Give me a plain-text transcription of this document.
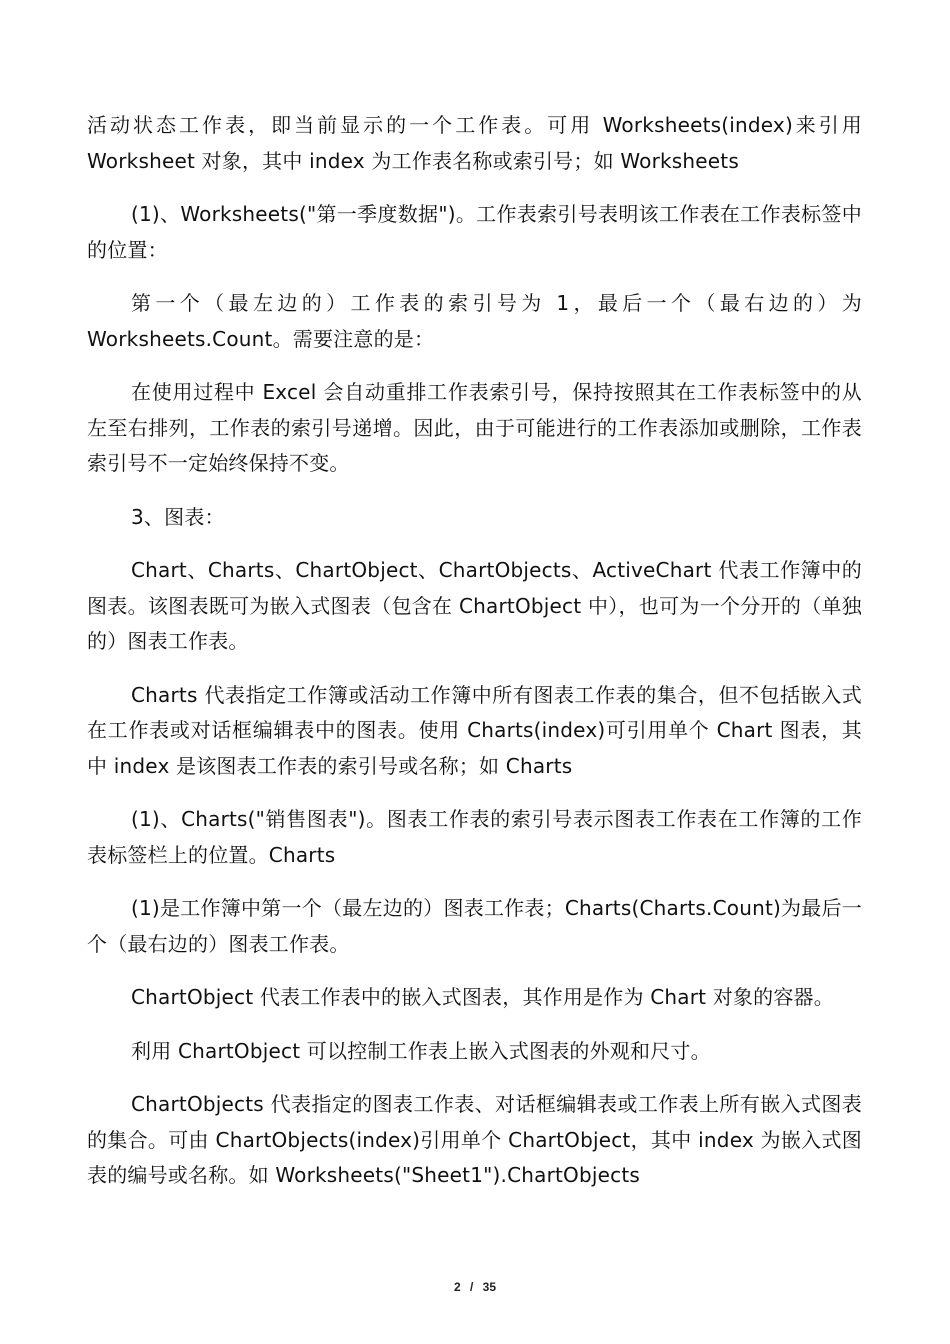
活动状态工作表，即当前显示的一个工作表。可用 Worksheets(index)来引用 Worksheet 对象，其中 index 为工作表名称或索引号；如 Worksheets

(1)、Worksheets("第一季度数据")。工作表索引号表明该工作表在工作表标签中的位置：

第一个（最左边的）工作表的索引号为 1，最后一个（最右边的）为 Worksheets.Count。需要注意的是：

在使用过程中 Excel 会自动重排工作表索引号，保持按照其在工作表标签中的从左至右排列，工作表的索引号递增。因此，由于可能进行的工作表添加或删除，工作表索引号不一定始终保持不变。

3、图表：

Chart、Charts、ChartObject、ChartObjects、ActiveChart 代表工作簿中的图表。该图表既可为嵌入式图表（包含在 ChartObject 中），也可为一个分开的（单独的）图表工作表。

Charts 代表指定工作簿或活动工作簿中所有图表工作表的集合，但不包括嵌入式在工作表或对话框编辑表中的图表。使用 Charts(index)可引用单个 Chart 图表，其中 index 是该图表工作表的索引号或名称；如 Charts

(1)、Charts("销售图表")。图表工作表的索引号表示图表工作表在工作簿的工作表标签栏上的位置。Charts

(1)是工作簿中第一个（最左边的）图表工作表；Charts(Charts.Count)为最后一个（最右边的）图表工作表。

ChartObject 代表工作表中的嵌入式图表，其作用是作为 Chart 对象的容器。

利用 ChartObject 可以控制工作表上嵌入式图表的外观和尺寸。

ChartObjects 代表指定的图表工作表、对话框编辑表或工作表上所有嵌入式图表的集合。可由 ChartObjects(index)引用单个 ChartObject，其中 index 为嵌入式图表的编号或名称。如 Worksheets("Sheet1").ChartObjects

2 / 35
